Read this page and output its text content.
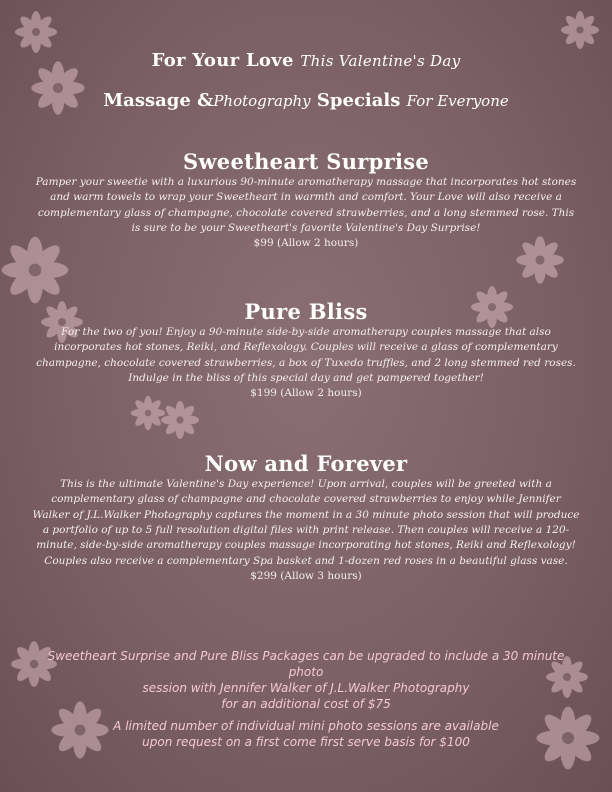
For Your Love This Valentine's Day
Massage &Photography Specials For Everyone
Sweetheart Surprise
Pamper your sweetie with a luxurious 90-minute aromatherapy massage that incorporates hot stones and warm towels to wrap your Sweetheart in warmth and comfort. Your Love will also receive a complementary glass of champagne, chocolate covered strawberries, and a long stemmed rose. This is sure to be your Sweetheart's favorite Valentine's Day Surprise!
$99 (Allow 2 hours)
Pure Bliss
For the two of you! Enjoy a 90-minute side-by-side aromatherapy couples massage that also incorporates hot stones, Reiki, and Reflexology. Couples will receive a glass of complementary champagne, chocolate covered strawberries, a box of Tuxedo truffles, and 2 long stemmed red roses. Indulge in the bliss of this special day and get pampered together!
$199 (Allow 2 hours)
Now and Forever
This is the ultimate Valentine's Day experience! Upon arrival, couples will be greeted with a complementary glass of champagne and chocolate covered strawberries to enjoy while Jennifer Walker of J.L.Walker Photography captures the moment in a 30 minute photo session that will produce a portfolio of up to 5 full resolution digital files with print release. Then couples will receive a 120-minute, side-by-side aromatherapy couples massage incorporating hot stones, Reiki and Reflexology! Couples also receive a complementary Spa basket and 1-dozen red roses in a beautiful glass vase.
$299 (Allow 3 hours)
Sweetheart Surprise and Pure Bliss Packages can be upgraded to include a 30 minute photo
session with Jennifer Walker of J.L.Walker Photography
for an additional cost of $75
A limited number of individual mini photo sessions are available
upon request on a first come first serve basis for $100
